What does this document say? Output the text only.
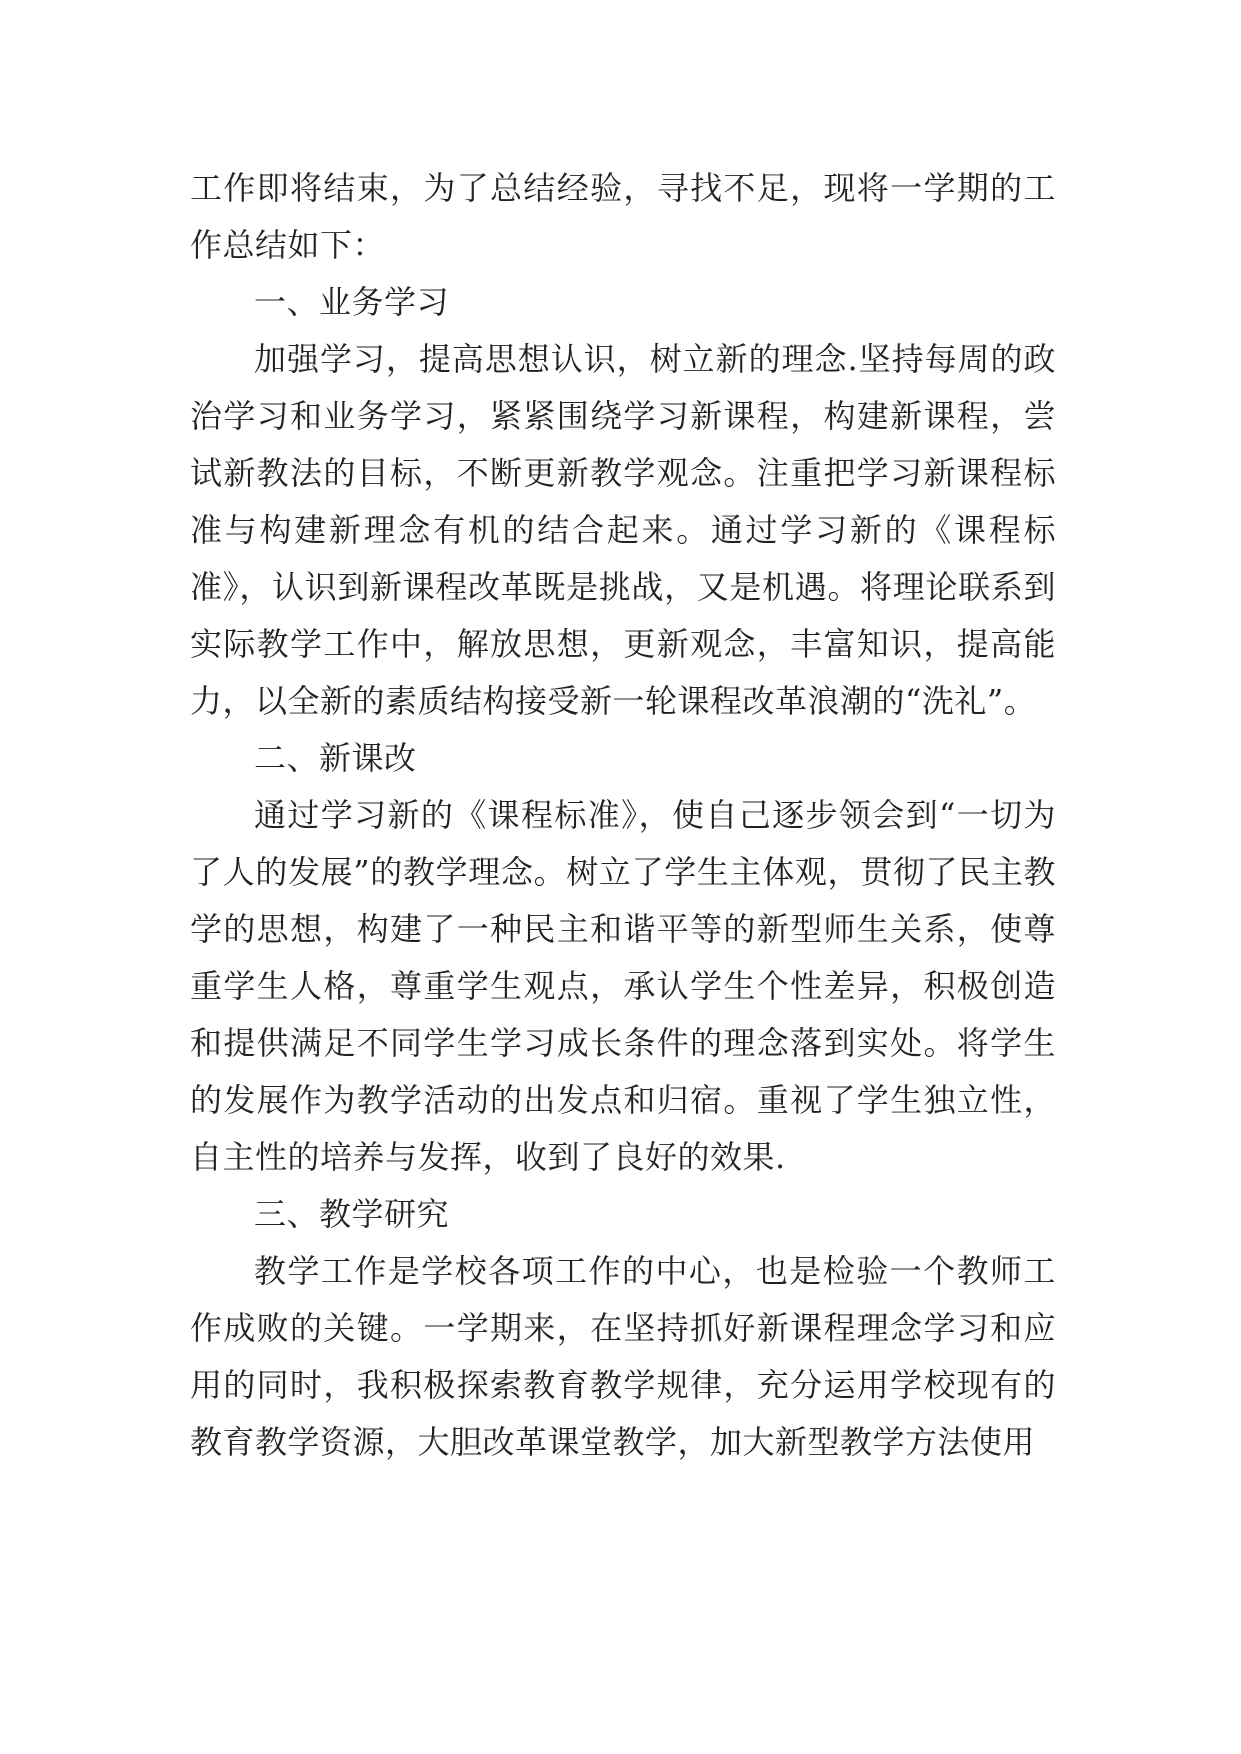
工作即将结束，为了总结经验，寻找不足，现将一学期的工作总结如下：

一、业务学习

加强学习，提高思想认识，树立新的理念.坚持每周的政治学习和业务学习，紧紧围绕学习新课程，构建新课程，尝试新教法的目标，不断更新教学观念。注重把学习新课程标准与构建新理念有机的结合起来。通过学习新的《课程标准》，认识到新课程改革既是挑战，又是机遇。将理论联系到实际教学工作中，解放思想，更新观念，丰富知识，提高能力，以全新的素质结构接受新一轮课程改革浪潮的“洗礼”。

二、新课改

通过学习新的《课程标准》，使自己逐步领会到“一切为了人的发展”的教学理念。树立了学生主体观，贯彻了民主教学的思想，构建了一种民主和谐平等的新型师生关系，使尊重学生人格，尊重学生观点，承认学生个性差异，积极创造和提供满足不同学生学习成长条件的理念落到实处。将学生的发展作为教学活动的出发点和归宿。重视了学生独立性，自主性的培养与发挥，收到了良好的效果.

三、教学研究

教学工作是学校各项工作的中心，也是检验一个教师工作成败的关键。一学期来，在坚持抓好新课程理念学习和应用的同时，我积极探索教育教学规律，充分运用学校现有的教育教学资源，大胆改革课堂教学，加大新型教学方法使用
